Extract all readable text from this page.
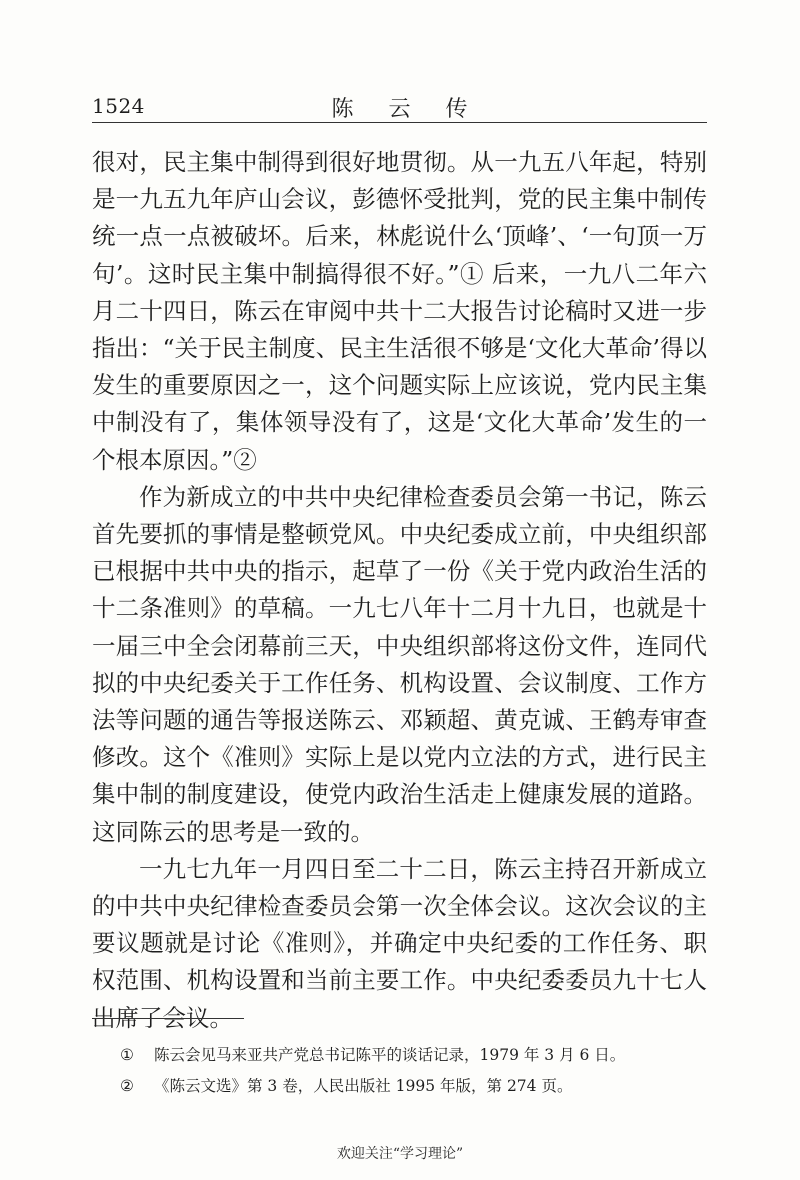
1524	陈 云 传

很对，民主集中制得到很好地贯彻。从一九五八年起，特别是一九五九年庐山会议，彭德怀受批判，党的民主集中制传统一点一点被破坏。后来，林彪说什么‘顶峰’、‘一句顶一万句’。这时民主集中制搞得很不好。”① 后来，一九八二年六月二十四日，陈云在审阅中共十二大报告讨论稿时又进一步指出：“关于民主制度、民主生活很不够是‘文化大革命’得以发生的重要原因之一，这个问题实际上应该说，党内民主集中制没有了，集体领导没有了，这是‘文化大革命’发生的一个根本原因。”②

作为新成立的中共中央纪律检查委员会第一书记，陈云首先要抓的事情是整顿党风。中央纪委成立前，中央组织部已根据中共中央的指示，起草了一份《关于党内政治生活的十二条准则》的草稿。一九七八年十二月十九日，也就是十一届三中全会闭幕前三天，中央组织部将这份文件，连同代拟的中央纪委关于工作任务、机构设置、会议制度、工作方法等问题的通告等报送陈云、邓颖超、黄克诚、王鹤寿审查修改。这个《准则》实际上是以党内立法的方式，进行民主集中制的制度建设，使党内政治生活走上健康发展的道路。这同陈云的思考是一致的。

一九七九年一月四日至二十二日，陈云主持召开新成立的中共中央纪律检查委员会第一次全体会议。这次会议的主要议题就是讨论《准则》，并确定中央纪委的工作任务、职权范围、机构设置和当前主要工作。中央纪委委员九十七人出席了会议。

① 陈云会见马来亚共产党总书记陈平的谈话记录，1979 年 3 月 6 日。
② 《陈云文选》第 3 卷，人民出版社 1995 年版，第 274 页。
欢迎关注“学习理论”
